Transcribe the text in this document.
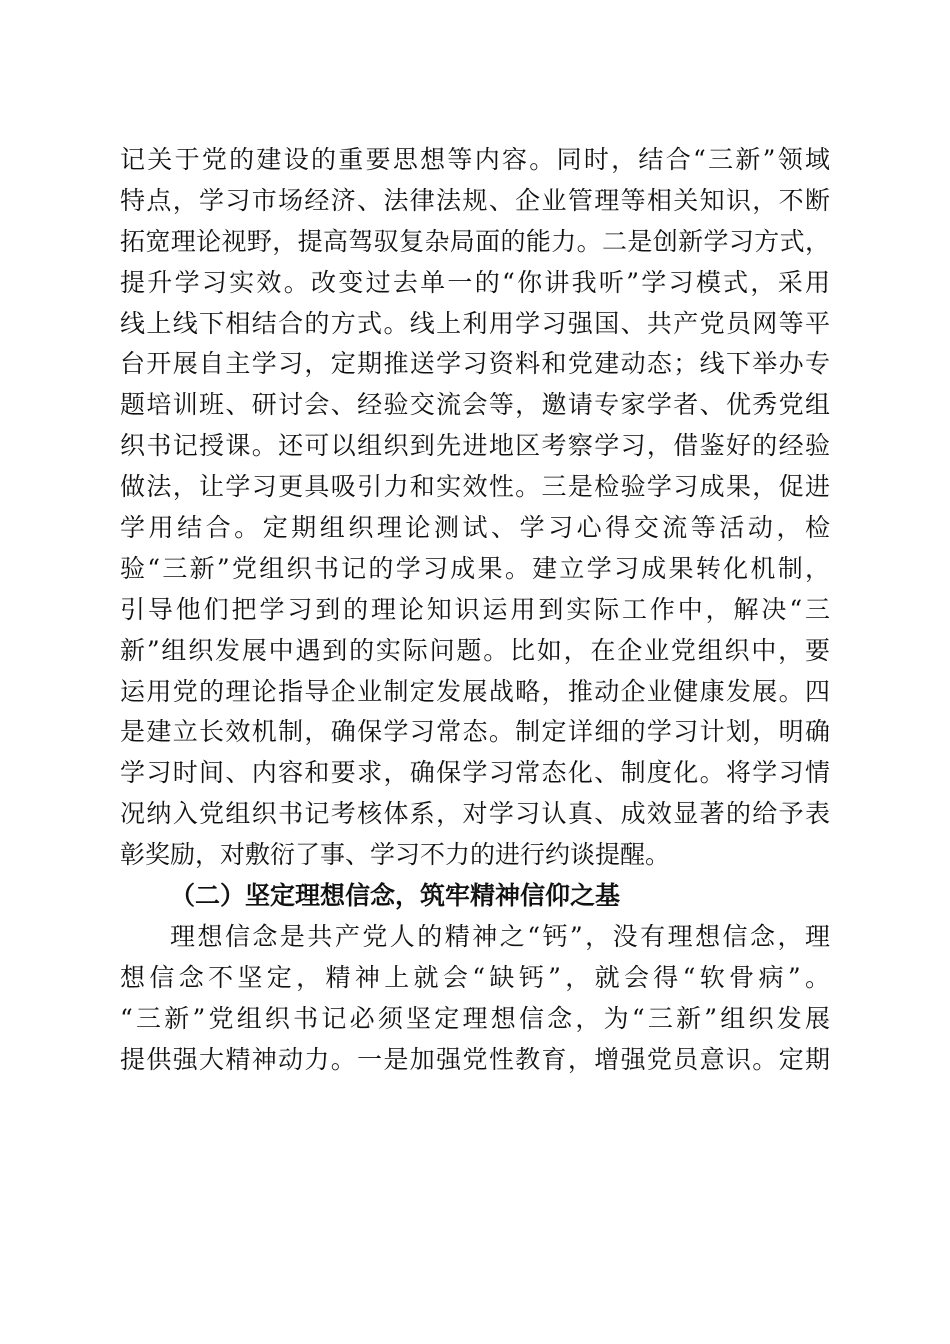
记关于党的建设的重要思想等内容。同时，结合“三新”领域
特点，学习市场经济、法律法规、企业管理等相关知识，不断
拓宽理论视野，提高驾驭复杂局面的能力。二是创新学习方式，
提升学习实效。改变过去单一的“你讲我听”学习模式，采用
线上线下相结合的方式。线上利用学习强国、共产党员网等平
台开展自主学习，定期推送学习资料和党建动态；线下举办专
题培训班、研讨会、经验交流会等，邀请专家学者、优秀党组
织书记授课。还可以组织到先进地区考察学习，借鉴好的经验
做法，让学习更具吸引力和实效性。三是检验学习成果，促进
学用结合。定期组织理论测试、学习心得交流等活动，检
验“三新”党组织书记的学习成果。建立学习成果转化机制，
引导他们把学习到的理论知识运用到实际工作中，解决“三
新”组织发展中遇到的实际问题。比如，在企业党组织中，要
运用党的理论指导企业制定发展战略，推动企业健康发展。四
是建立长效机制，确保学习常态。制定详细的学习计划，明确
学习时间、内容和要求，确保学习常态化、制度化。将学习情
况纳入党组织书记考核体系，对学习认真、成效显著的给予表
彰奖励，对敷衍了事、学习不力的进行约谈提醒。
（二）坚定理想信念，筑牢精神信仰之基
理想信念是共产党人的精神之“钙”，没有理想信念，理
想信念不坚定，精神上就会“缺钙”，就会得“软骨病”。
“三新”党组织书记必须坚定理想信念，为“三新”组织发展
提供强大精神动力。一是加强党性教育，增强党员意识。定期
